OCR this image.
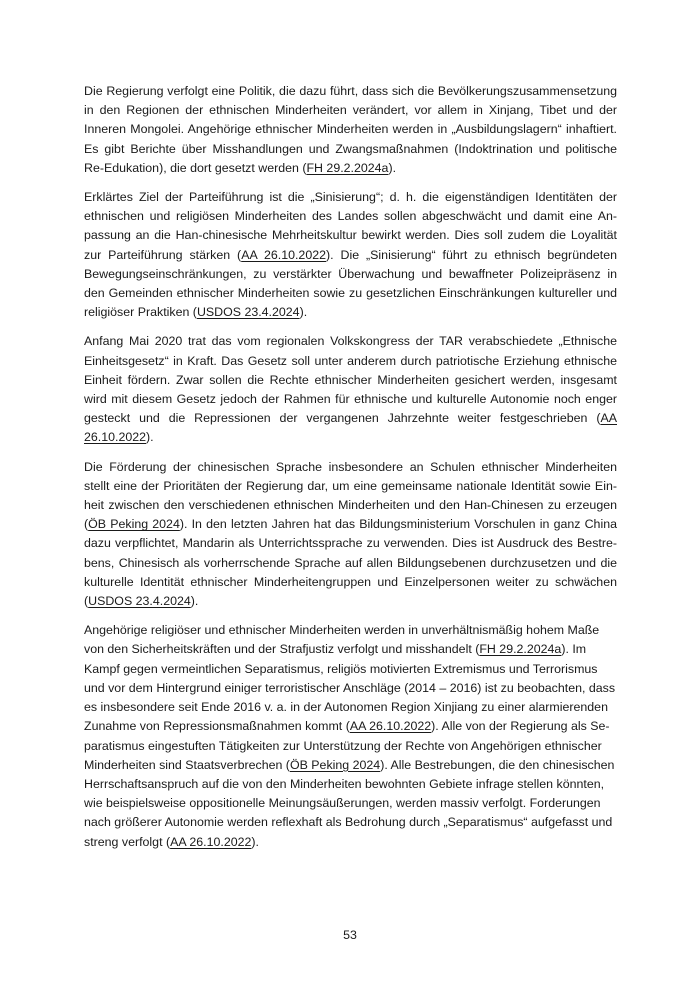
Die Regierung verfolgt eine Politik, die dazu führt, dass sich die Bevölkerungszusammensetzung in den Regionen der ethnischen Minderheiten verändert, vor allem in Xinjang, Tibet und der Inneren Mongolei. Angehörige ethnischer Minderheiten werden in „Ausbildungslagern“ inhaftiert. Es gibt Berichte über Misshandlungen und Zwangsmaßnahmen (Indoktrination und politische Re-Edukation), die dort gesetzt werden (FH 29.2.2024a).

Erklärtes Ziel der Parteiführung ist die „Sinisierung“; d. h. die eigenständigen Identitäten der ethnischen und religiösen Minderheiten des Landes sollen abgeschwächt und damit eine Anpassung an die Han-chinesische Mehrheitskultur bewirkt werden. Dies soll zudem die Loyalität zur Parteiführung stärken (AA 26.10.2022). Die „Sinisierung“ führt zu ethnisch begründeten Bewegungseinschränkungen, zu verstärkter Überwachung und bewaffneter Polizeipräsenz in den Gemeinden ethnischer Minderheiten sowie zu gesetzlichen Einschränkungen kultureller und religiöser Praktiken (USDOS 23.4.2024).

Anfang Mai 2020 trat das vom regionalen Volkskongress der TAR verabschiedete „Ethnische Einheitsgesetz“ in Kraft. Das Gesetz soll unter anderem durch patriotische Erziehung ethnische Einheit fördern. Zwar sollen die Rechte ethnischer Minderheiten gesichert werden, insgesamt wird mit diesem Gesetz jedoch der Rahmen für ethnische und kulturelle Autonomie noch enger gesteckt und die Repressionen der vergangenen Jahrzehnte weiter festgeschrieben (AA 26.10.2022).

Die Förderung der chinesischen Sprache insbesondere an Schulen ethnischer Minderheiten stellt eine der Prioritäten der Regierung dar, um eine gemeinsame nationale Identität sowie Einheit zwischen den verschiedenen ethnischen Minderheiten und den Han-Chinesen zu erzeugen (ÖB Peking 2024). In den letzten Jahren hat das Bildungsministerium Vorschulen in ganz China dazu verpflichtet, Mandarin als Unterrichtssprache zu verwenden. Dies ist Ausdruck des Bestrebens, Chinesisch als vorherrschende Sprache auf allen Bildungsebenen durchzusetzen und die kulturelle Identität ethnischer Minderheitengruppen und Einzelpersonen weiter zu schwächen (USDOS 23.4.2024).

Angehörige religiöser und ethnischer Minderheiten werden in unverhältnismäßig hohem Maße von den Sicherheitskräften und der Strafjustiz verfolgt und misshandelt (FH 29.2.2024a). Im Kampf gegen vermeintlichen Separatismus, religiös motivierten Extremismus und Terrorismus und vor dem Hintergrund einiger terroristischer Anschläge (2014 – 2016) ist zu beobachten, dass es insbesondere seit Ende 2016 v. a. in der Autonomen Region Xinjiang zu einer alarmierenden Zunahme von Repressionsmaßnahmen kommt (AA 26.10.2022). Alle von der Regierung als Separatismus eingestuften Tätigkeiten zur Unterstützung der Rechte von Angehörigen ethnischer Minderheiten sind Staatsverbrechen (ÖB Peking 2024). Alle Bestrebungen, die den chinesischen Herrschaftsanspruch auf die von den Minderheiten bewohnten Gebiete infrage stellen könnten, wie beispielsweise oppositionelle Meinungsäußerungen, werden massiv verfolgt. Forderungen nach größerer Autonomie werden reflexhaft als Bedrohung durch „Separatismus“ aufgefasst und streng verfolgt (AA 26.10.2022).

53
